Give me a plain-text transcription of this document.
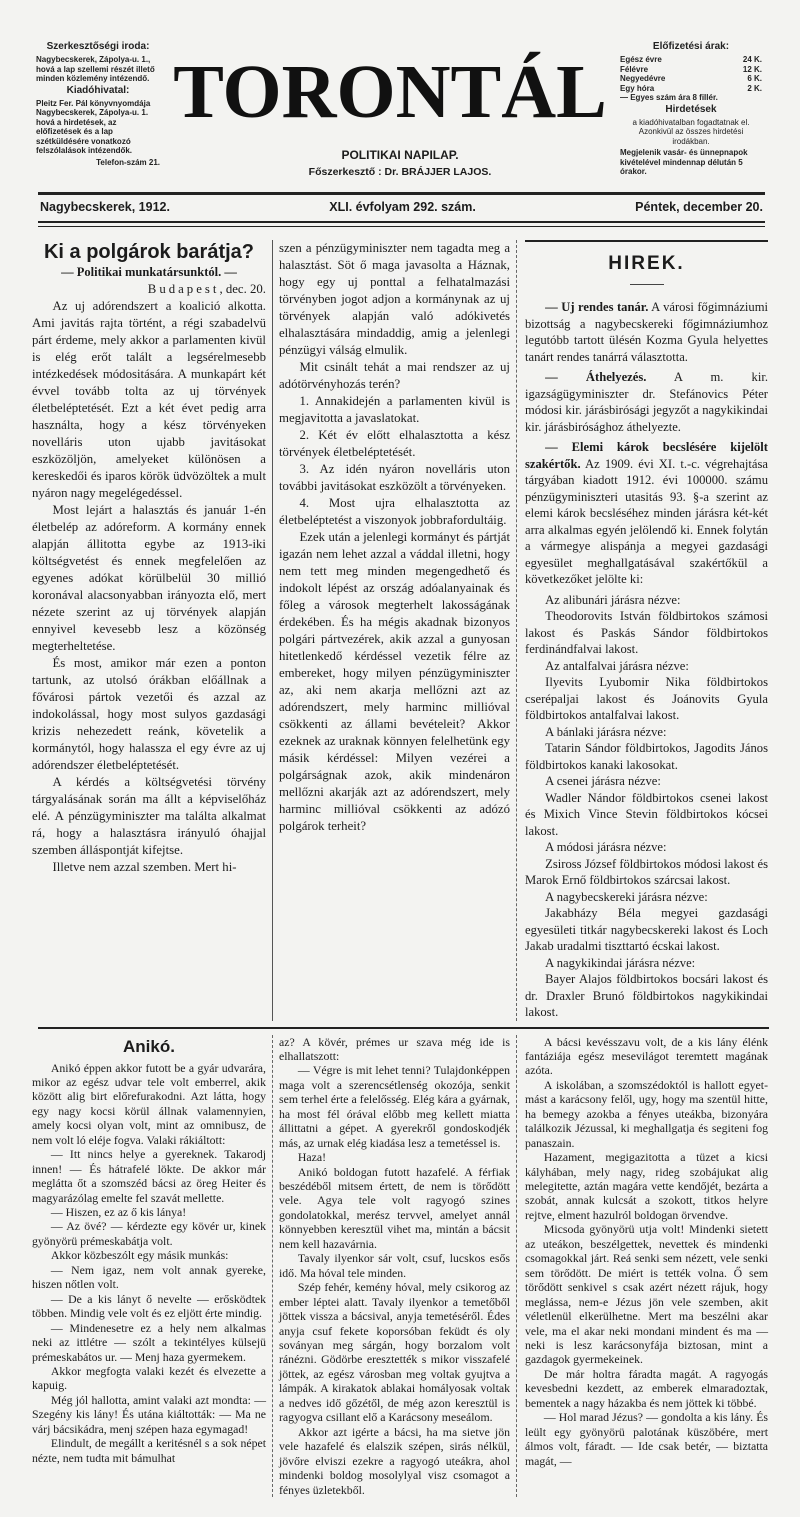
Szerkesztőségi iroda:
Nagybecskerek, Zápolya-u. 1.,
hová a lap szellemi részét illető minden közlemény intézendő.
Kiadóhivatal:
Pleitz Fer. Pál könyvnyomdája Nagybecskerek, Zápolya-u. 1. hová a hirdetések, az előfizetések és a lap szétküldésére vonatkozó felszólalások intézendők.
Telefon-szám 21.
TORONTÁL
POLITIKAI NAPILAP.
Főszerkesztő : Dr. BRÁJJER LAJOS.
Előfizetési árak:
Egész évre	24 K.
Félévre	12 K.
Negyedévre	6 K.
Egy hóra	2 K.
— Egyes szám ára 8 fillér.
Hirdetések
a kiadóhivatalban fogadtatnak el. Azonkivül az összes hirdetési irodákban.
Megjelenik vasár- és ünnepnapok kivételével mindennap délután 5 órakor.
Nagybecskerek, 1912.	XLI. évfolyam 292. szám.	Péntek, december 20.
Ki a polgárok barátja?
— Politikai munkatársunktól. —
Budapest, dec. 20.

Az uj adórendszert a koalició alkotta. Ami javitás rajta történt, a régi szabadelvü párt érdeme, mely akkor a parlamenten kivül is elég erőt talált a legsérelmesebb intézkedések módositására. A munkapárt két évvel tovább tolta az uj törvények életbeléptetését. Ezt a két évet pedig arra használta, hogy a kész törvényeken novelláris uton ujabb javitásokat eszközöljön, amelyeket különösen a kereskedői és iparos körök üdvözöltek a mult nyáron nagy megelégedéssel.

Most lejárt a halasztás és január 1-én életbelép az adóreform. A kormány ennek alapján állitotta egybe az 1913-iki költségvetést és ennek megfelelően az egyenes adókat körülbelül 30 millió koronával alacsonyabban irányozta elő, mert nézete szerint az uj törvények alapján ennyivel kevesebb lesz a közönség megterheltetése.

És most, amikor már ezen a ponton tartunk, az utolsó órákban előállnak a fővárosi pártok vezetői és azzal az indokolással, hogy most sulyos gazdasági krizis nehezedett reánk, követelik a kormánytól, hogy halassza el egy évre az uj adórendszer életbeléptetését.

A kérdés a költségvetési törvény tárgyalásának során ma állt a képviselőház elé. A pénzügyminiszter ma találta alkalmat rá, hogy a halasztásra irányuló óhajjal szemben álláspontját kifejtse.

Illetve nem azzal szemben. Mert hi-

szen a pénzügyminiszter nem tagadta meg a halasztást. Söt ő maga javasolta a Háznak, hogy egy uj ponttal a felhatalmazási törvényben jogot adjon a kormánynak az uj törvények alapján való adókivetés elhalasztására mindaddig, amig a jelenlegi pénzügyi válság elmulik.

Mit csinált tehát a mai rendszer az uj adótörvényhozás terén?

1. Annakidején a parlamenten kivül is megjavitotta a javaslatokat.

2. Két év előtt elhalasztotta a kész törvények életbeléptetését.

3. Az idén nyáron novelláris uton további javitásokat eszközölt a törvényeken.

4. Most ujra elhalasztotta az életbeléptetést a viszonyok jobbrafordultáig.

Ezek után a jelenlegi kormányt és pártját igazán nem lehet azzal a váddal illetni, hogy nem tett meg minden megengedhető és indokolt lépést az ország adóalanyainak és főleg a városok megterhelt lakosságának érdekében. És ha mégis akadnak bizonyos polgári pártvezérek, akik azzal a gunyosan hitetlenkedő kérdéssel vezetik félre az embereket, hogy milyen pénzügyminiszter az, aki nem akarja mellőzni azt az adórendszert, mely harminc millióval csökkenti az állami bevételeit? Akkor ezeknek az uraknak könnyen felelhetünk egy másik kérdéssel: Milyen vezérei a polgárságnak azok, akik mindenáron mellőzni akarják azt az adórendszert, mely harminc millióval csökkenti az adózó polgárok terheit?

HIREK.

— Uj rendes tanár. A városi főgimnáziumi bizottság a nagybecskereki főgimnáziumhoz legutóbb tartott ülésén Kozma Gyula helyettes tanárt rendes tanárrá választotta.

— Áthelyezés. A m. kir. igazságügyminiszter dr. Stefánovics Péter módosi kir. járásbirósági jegyzőt a nagykikindai kir. járásbirósághoz áthelyezte.

— Elemi károk becslésére kijelölt szakértők. Az 1909. évi XI. t.-c. végrehajtása tárgyában kiadott 1912. évi 100000. számu pénzügyminiszteri utasitás 93. §-a szerint az elemi károk becsléséhez minden járásra két-két arra alkalmas egyén jelölendő ki. Ennek folytán a vármegye alispánja a megyei gazdasági egyesület meghallgatásával szakértőkül a következőket jelölte ki:

Az alibunári járásra nézve:

Theodorovits István földbirtokos számosi lakost és Paskás Sándor földbirtokos ferdinándfalvai lakost.

Az antalfalvai járásra nézve:

Ilyevits Lyubomir Nika földbirtokos cserépaljai lakost és Joánovits Gyula földbirtokos antalfalvai lakost.

A bánlaki járásra nézve:

Tatarin Sándor földbirtokos, Jagodits János földbirtokos kanaki lakosokat.

A csenei járásra nézve:

Wadler Nándor földbirtokos csenei lakost és Mixich Vince Stevin földbirtokos kócsei lakost.

A módosi járásra nézve:

Zsiross József földbirtokos módosi lakost és Marok Ernő földbirtokos szárcsai lakost.

A nagybecskereki járásra nézve:

Jakabházy Béla megyei gazdasági egyesületi titkár nagybecskereki lakost és Loch Jakab uradalmi tiszttartó écskai lakost.

A nagykikindai járásra nézve:

Bayer Alajos földbirtokos bocsári lakost és dr. Draxler Brunó földbirtokos nagykikindai lakost.

Anikó.

Anikó éppen akkor futott be a gyár udvarára, mikor az egész udvar tele volt emberrel, akik között alig birt előrefurakodni. Azt látta, hogy egy nagy kocsi körül állnak valamennyien, amely kocsi olyan volt, mint az omnibusz, de nem volt ló eléje fogva. Valaki rákiáltott:

— Itt nincs helye a gyereknek. Takarodj innen! — És hátrafelé lökte. De akkor már meglátta őt a szomszéd bácsi az öreg Heiter és magyarázólag emelte fel szavát mellette.

— Hiszen, ez az ő kis lánya!

— Az övé? — kérdezte egy kövér ur, kinek gyönyörü prémeskabátja volt.

Akkor közbeszólt egy másik munkás:

— Nem igaz, nem volt annak gyereke, hiszen nőtlen volt.

— De a kis lányt ő nevelte — erősködtek többen. Mindig vele volt és ez eljött érte mindig.

— Mindenesetre ez a hely nem alkalmas neki az ittlétre — szólt a tekintélyes külsejü prémeskabátos ur. — Menj haza gyermekem.

Akkor megfogta valaki kezét és elvezette a kapuig.

Még jól hallotta, amint valaki azt mondta: — Szegény kis lány! És utána kiáltották: — Ma ne várj bácsikádra, menj szépen haza egymagad!

Elindult, de megállt a keritésnél s a sok népet nézte, nem tudta mit bámulhat

az? A kövér, prémes ur szava még ide is elhallatszott:

— Végre is mit lehet tenni? Tulajdonképpen maga volt a szerencsétlenség okozója, senkit sem terhel érte a felelősség. Elég kára a gyárnak, ha most fél órával előbb meg kellett miatta állittatni a gépet. A gyerekről gondoskodjék más, az urnak elég kiadása lesz a temetéssel is.

Haza!

Anikó boldogan futott hazafelé. A férfiak beszédéből mitsem értett, de nem is törődött vele. Agya tele volt ragyogó szines gondolatokkal, merész tervvel, amelyet annál könnyebben keresztül vihet ma, mintán a bácsit nem kell hazavárnia.

Tavaly ilyenkor sár volt, csuf, lucskos esős idő. Ma hóval tele minden.

Szép fehér, kemény hóval, mely csikorog az ember léptei alatt. Tavaly ilyenkor a temetőből jöttek vissza a bácsival, anyja temetéséről. Édes anyja csuf fekete koporsóban feküdt és oly soványan meg sárgán, hogy borzalom volt ránézni. Gödörbe eresztették s mikor visszafelé jöttek, az egész városban meg voltak gyujtva a lámpák. A kirakatok ablakai homályosak voltak a nedves idő gőzétől, de még azon keresztül is ragyogva csillant elő a Karácsony meseálom.

Akkor azt igérte a bácsi, ha ma sietve jön vele hazafelé és elalszik szépen, sirás nélkül, jövőre elviszi ezekre a ragyogó uteákra, ahol mindenki boldog mosolylyal visz csomagot a fényes üzletekből.

A bácsi kevésszavu volt, de a kis lány élénk fantáziája egész mesevilágot teremtett magának azóta.

A iskolában, a szomszédoktól is hallott egyet-mást a karácsony felől, ugy, hogy ma szentül hitte, ha bemegy azokba a fényes uteákba, bizonyára találkozik Jézussal, ki meghallgatja és segiteni fog panaszain.

Hazament, megigazitotta a tüzet a kicsi kályhában, mely nagy, rideg szobájukat alig melegitette, aztán magára vette kendőjét, bezárta a szobát, annak kulcsát a szokott, titkos helyre rejtve, elment hazulról boldogan örvendve.

Micsoda gyönyörü utja volt! Mindenki sietett az uteákon, beszélgettek, nevettek és mindenki csomagokkal járt. Reá senki sem nézett, vele senki sem törődött. De miért is tették volna. Ő sem törődött senkivel s csak azért nézett rájuk, hogy meglássa, nem-e Jézus jön vele szemben, akit véletlenül elkerülhetne. Mert ma beszélni akar vele, ma el akar neki mondani mindent és ma — neki is lesz karácsonyfája biztosan, mint a gazdagok gyermekeinek.

De már holtra fáradta magát. A ragyogás kevesbedni kezdett, az emberek elmaradoztak, bementek a nagy házakba és nem jöttek ki többé.

— Hol marad Jézus? — gondolta a kis lány. És leült egy gyönyörü palotának küszöbére, mert álmos volt, fáradt. — Ide csak betér, — biztatta magát, —
